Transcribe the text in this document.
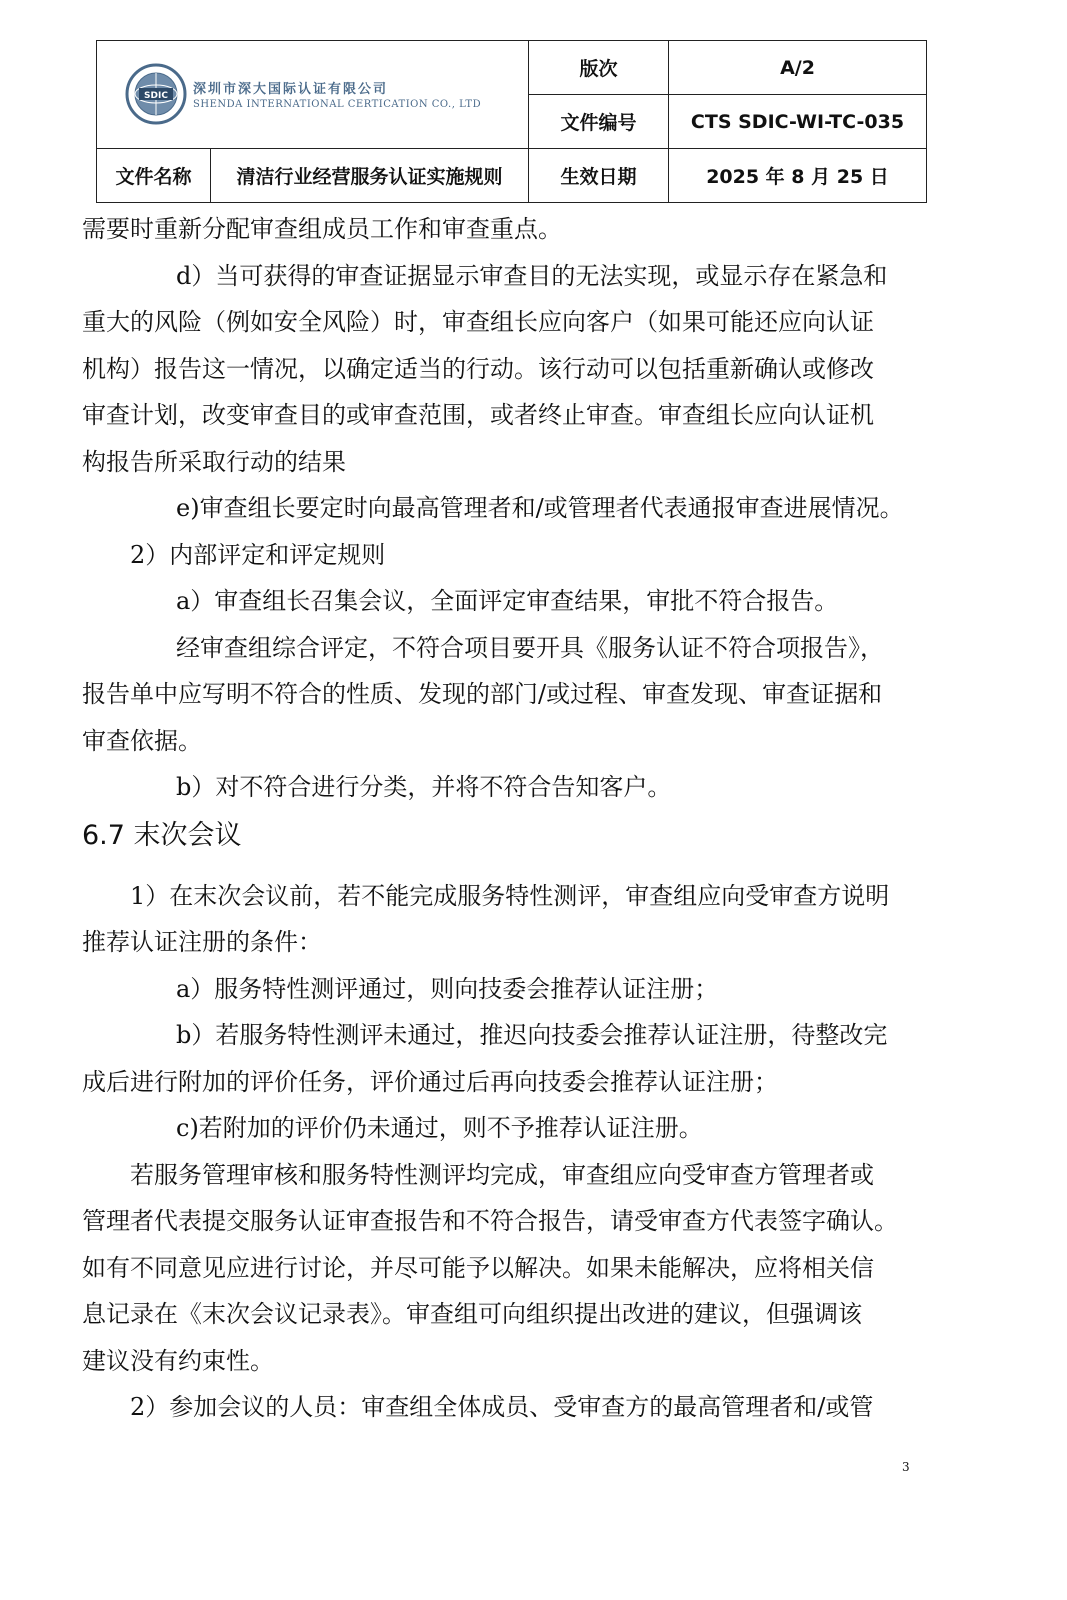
SDIC 深圳市深大国际认证有限公司
SHENDA INTERNATIONAL CERTICATION CO., LTD		版次	A/2
		文件编号	CTS SDIC-WI-TC-035
文件名称	清洁行业经营服务认证实施规则	生效日期	2025 年 8 月 25 日
需要时重新分配审查组成员工作和审查重点。
d）当可获得的审查证据显示审查目的无法实现，或显示存在紧急和
重大的风险（例如安全风险）时，审查组长应向客户（如果可能还应向认证
机构）报告这一情况，以确定适当的行动。该行动可以包括重新确认或修改
审查计划，改变审查目的或审查范围，或者终止审查。审查组长应向认证机
构报告所采取行动的结果
e)审查组长要定时向最高管理者和/或管理者代表通报审查进展情况。
2）内部评定和评定规则
a）审查组长召集会议，全面评定审查结果，审批不符合报告。
经审查组综合评定，不符合项目要开具《服务认证不符合项报告》，
报告单中应写明不符合的性质、发现的部门/或过程、审查发现、审查证据和
审查依据。
b）对不符合进行分类，并将不符合告知客户。
6.7 末次会议
1）在末次会议前，若不能完成服务特性测评，审查组应向受审查方说明
推荐认证注册的条件：
a）服务特性测评通过，则向技委会推荐认证注册；
b）若服务特性测评未通过，推迟向技委会推荐认证注册，待整改完
成后进行附加的评价任务，评价通过后再向技委会推荐认证注册；
c)若附加的评价仍未通过，则不予推荐认证注册。
若服务管理审核和服务特性测评均完成，审查组应向受审查方管理者或
管理者代表提交服务认证审查报告和不符合报告，请受审查方代表签字确认。
如有不同意见应进行讨论，并尽可能予以解决。如果未能解决，应将相关信
息记录在《末次会议记录表》。审查组可向组织提出改进的建议，但强调该
建议没有约束性。
2）参加会议的人员：审查组全体成员、受审查方的最高管理者和/或管
3
